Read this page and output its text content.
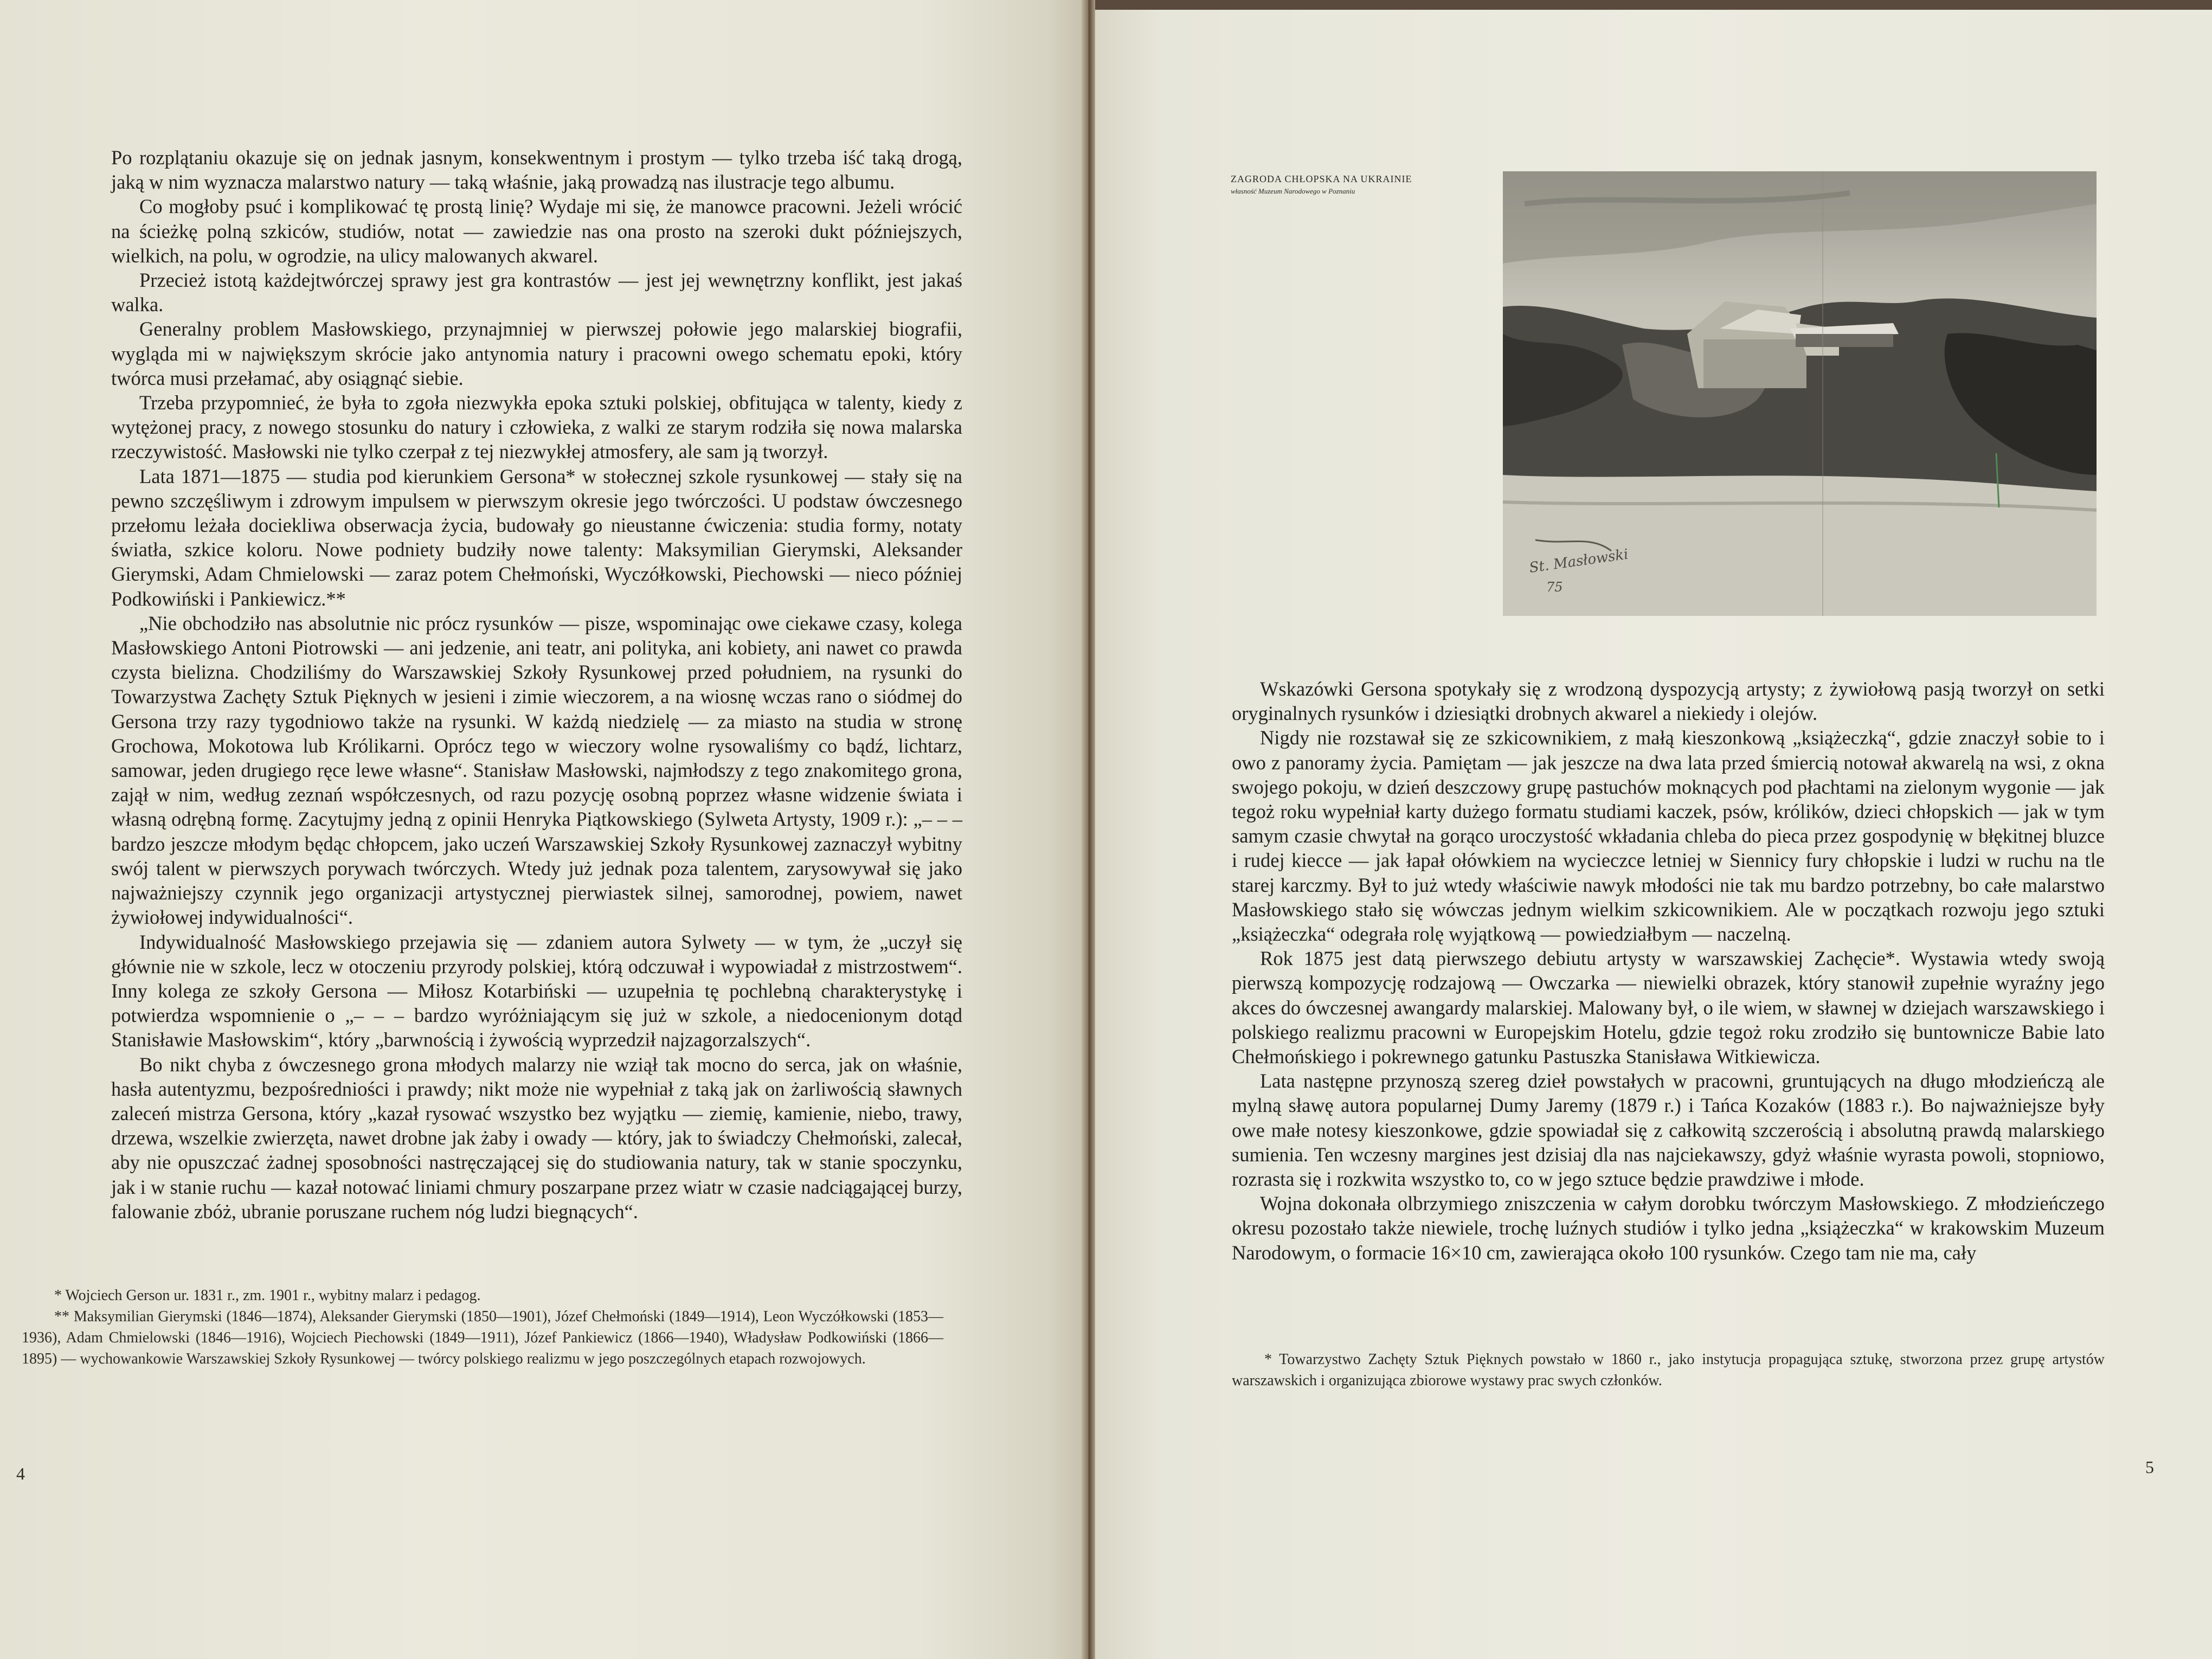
Po rozplątaniu okazuje się on jednak jasnym, konsekwentnym i prostym — tylko trzeba iść taką drogą, jaką w nim wyznacza malarstwo natury — taką właśnie, jaką prowadzą nas ilustracje tego albumu.

Co mogłoby psuć i komplikować tę prostą linię? Wydaje mi się, że manowce pracowni. Jeżeli wrócić na ścieżkę polną szkiców, studiów, notat — zawiedzie nas ona prosto na szeroki dukt późniejszych, wielkich, na polu, w ogrodzie, na ulicy malowanych akwarel.

Przecież istotą każdejtwórczej sprawy jest gra kontrastów — jest jej wewnętrzny konflikt, jest jakaś walka.

Generalny problem Masłowskiego, przynajmniej w pierwszej połowie jego malarskiej biografii, wygląda mi w największym skrócie jako antynomia natury i pracowni owego schematu epoki, który twórca musi przełamać, aby osiągnąć siebie.

Trzeba przypomnieć, że była to zgoła niezwykła epoka sztuki polskiej, obfitująca w talenty, kiedy z wytężonej pracy, z nowego stosunku do natury i człowieka, z walki ze starym rodziła się nowa malarska rzeczywistość. Masłowski nie tylko czerpał z tej niezwykłej atmosfery, ale sam ją tworzył.

Lata 1871—1875 — studia pod kierunkiem Gersona* w stołecznej szkole rysunkowej — stały się na pewno szczęśliwym i zdrowym impulsem w pierwszym okresie jego twórczości. U podstaw ówczesnego przełomu leżała dociekliwa obserwacja życia, budowały go nieustanne ćwiczenia: studia formy, notaty światła, szkice koloru. Nowe podniety budziły nowe talenty: Maksymilian Gierymski, Aleksander Gierymski, Adam Chmielowski — zaraz potem Chełmoński, Wyczółkowski, Piechowski — nieco później Podkowiński i Pankiewicz.**

„Nie obchodziło nas absolutnie nic prócz rysunków — pisze, wspominając owe ciekawe czasy, kolega Masłowskiego Antoni Piotrowski — ani jedzenie, ani teatr, ani polityka, ani kobiety, ani nawet co prawda czysta bielizna. Chodziliśmy do Warszawskiej Szkoły Rysunkowej przed południem, na rysunki do Towarzystwa Zachęty Sztuk Pięknych w jesieni i zimie wieczorem, a na wiosnę wczas rano o siódmej do Gersona trzy razy tygodniowo także na rysunki. W każdą niedzielę — za miasto na studia w stronę Grochowa, Mokotowa lub Królikarni. Oprócz tego w wieczory wolne rysowaliśmy co bądź, lichtarz, samowar, jeden drugiego ręce lewe własne“. Stanisław Masłowski, najmłodszy z tego znakomitego grona, zajął w nim, według zeznań współczesnych, od razu pozycję osobną poprzez własne widzenie świata i własną odrębną formę. Zacytujmy jedną z opinii Henryka Piątkowskiego (Sylweta Artysty, 1909 r.): „– – – bardzo jeszcze młodym będąc chłopcem, jako uczeń Warszawskiej Szkoły Rysunkowej zaznaczył wybitny swój talent w pierwszych porywach twórczych. Wtedy już jednak poza talentem, zarysowywał się jako najważniejszy czynnik jego organizacji artystycznej pierwiastek silnej, samorodnej, powiem, nawet żywiołowej indywidualności“.

Indywidualność Masłowskiego przejawia się — zdaniem autora Sylwety — w tym, że „uczył się głównie nie w szkole, lecz w otoczeniu przyrody polskiej, którą odczuwał i wypowiadał z mistrzostwem“. Inny kolega ze szkoły Gersona — Miłosz Kotarbiński — uzupełnia tę pochlebną charakterystykę i potwierdza wspomnienie o „– – – bardzo wyróżniającym się już w szkole, a niedocenionym dotąd Stanisławie Masłowskim“, który „barwnością i żywością wyprzedził najzagorzalszych“.

Bo nikt chyba z ówczesnego grona młodych malarzy nie wziął tak mocno do serca, jak on właśnie, hasła autentyzmu, bezpośredniości i prawdy; nikt może nie wypełniał z taką jak on żarliwością sławnych zaleceń mistrza Gersona, który „kazał rysować wszystko bez wyjątku — ziemię, kamienie, niebo, trawy, drzewa, wszelkie zwierzęta, nawet drobne jak żaby i owady — który, jak to świadczy Chełmoński, zalecał, aby nie opuszczać żadnej sposobności nastręczającej się do studiowania natury, tak w stanie spoczynku, jak i w stanie ruchu — kazał notować liniami chmury poszarpane przez wiatr w czasie nadciągającej burzy, falowanie zbóż, ubranie poruszane ruchem nóg ludzi biegnących“.

* Wojciech Gerson ur. 1831 r., zm. 1901 r., wybitny malarz i pedagog.

** Maksymilian Gierymski (1846—1874), Aleksander Gierymski (1850—1901), Józef Chełmoński (1849—1914), Leon Wyczółkowski (1853—1936), Adam Chmielowski (1846—1916), Wojciech Piechowski (1849—1911), Józef Pankiewicz (1866—1940), Władysław Podkowiński (1866—1895) — wychowankowie Warszawskiej Szkoły Rysunkowej — twórcy polskiego realizmu w jego poszczególnych etapach rozwojowych.

4
ZAGRODA CHŁOPSKA NA UKRAINIE
własność Muzeum Narodowego w Poznaniu
St. Masłowski
75

Wskazówki Gersona spotykały się z wrodzoną dyspozycją artysty; z żywiołową pasją tworzył on setki oryginalnych rysunków i dziesiątki drobnych akwarel a niekiedy i olejów.

Nigdy nie rozstawał się ze szkicownikiem, z małą kieszonkową „książeczką“, gdzie znaczył sobie to i owo z panoramy życia. Pamiętam — jak jeszcze na dwa lata przed śmiercią notował akwarelą na wsi, z okna swojego pokoju, w dzień deszczowy grupę pastuchów moknących pod płachtami na zielonym wygonie — jak tegoż roku wypełniał karty dużego formatu studiami kaczek, psów, królików, dzieci chłopskich — jak w tym samym czasie chwytał na gorąco uroczystość wkładania chleba do pieca przez gospodynię w błękitnej bluzce i rudej kiecce — jak łapał ołówkiem na wycieczce letniej w Siennicy fury chłopskie i ludzi w ruchu na tle starej karczmy. Był to już wtedy właściwie nawyk młodości nie tak mu bardzo potrzebny, bo całe malarstwo Masłowskiego stało się wówczas jednym wielkim szkicownikiem. Ale w początkach rozwoju jego sztuki „książeczka“ odegrała rolę wyjątkową — powiedziałbym — naczelną.

Rok 1875 jest datą pierwszego debiutu artysty w warszawskiej Zachęcie*. Wystawia wtedy swoją pierwszą kompozycję rodzajową — Owczarka — niewielki obrazek, który stanowił zupełnie wyraźny jego akces do ówczesnej awangardy malarskiej. Malowany był, o ile wiem, w sławnej w dziejach warszawskiego i polskiego realizmu pracowni w Europejskim Hotelu, gdzie tegoż roku zrodziło się buntownicze Babie lato Chełmońskiego i pokrewnego gatunku Pastuszka Stanisława Witkiewicza.

Lata następne przynoszą szereg dzieł powstałych w pracowni, gruntujących na długo młodzieńczą ale mylną sławę autora popularnej Dumy Jaremy (1879 r.) i Tańca Kozaków (1883 r.). Bo najważniejsze były owe małe notesy kieszonkowe, gdzie spowiadał się z całkowitą szczerością i absolutną prawdą malarskiego sumienia. Ten wczesny margines jest dzisiaj dla nas najciekawszy, gdyż właśnie wyrasta powoli, stopniowo, rozrasta się i rozkwita wszystko to, co w jego sztuce będzie prawdziwe i młode.

Wojna dokonała olbrzymiego zniszczenia w całym dorobku twórczym Masłowskiego. Z młodzieńczego okresu pozostało także niewiele, trochę luźnych studiów i tylko jedna „książeczka“ w krakowskim Muzeum Narodowym, o formacie 16×10 cm, zawierająca około 100 rysunków. Czego tam nie ma, cały

* Towarzystwo Zachęty Sztuk Pięknych powstało w 1860 r., jako instytucja propagująca sztukę, stworzona przez grupę artystów warszawskich i organizująca zbiorowe wystawy prac swych członków.

5
